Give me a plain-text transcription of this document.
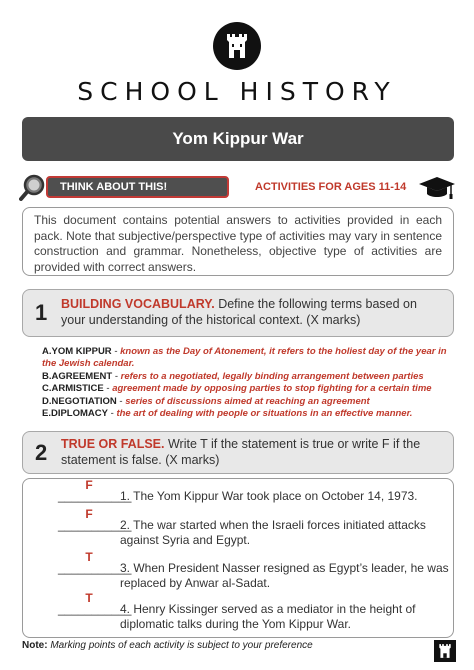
SCHOOL HISTORY
Yom Kippur War
THINK ABOUT THIS!	ACTIVITIES FOR AGES 11-14
This document contains potential answers to activities provided in each pack. Note that subjective/perspective type of activities may vary in sentence construction and grammar. Nonetheless, objective type of activities are provided with correct answers.
1 BUILDING VOCABULARY. Define the following terms based on your understanding of the historical context. (X marks)
A.YOM KIPPUR - known as the Day of Atonement, it refers to the holiest day of the year in the Jewish calendar.
B.AGREEMENT - refers to a negotiated, legally binding arrangement between parties
C.ARMISTICE - agreement made by opposing parties to stop fighting for a certain time
D.NEGOTIATION - series of discussions aimed at reaching an agreement
E.DIPLOMACY - the art of dealing with people or situations in an effective manner.
2 TRUE OR FALSE. Write T if the statement is true or write F if the statement is false. (X marks)
F
___________
1. The Yom Kippur War took place on October 14, 1973.
F
___________
2. The war started when the Israeli forces initiated attacks against Syria and Egypt.
T
___________
3. When President Nasser resigned as Egypt’s leader, he was replaced by Anwar al-Sadat.
T
___________
4. Henry Kissinger served as a mediator in the height of diplomatic talks during the Yom Kippur War.
Note: Marking points of each activity is subject to your preference
